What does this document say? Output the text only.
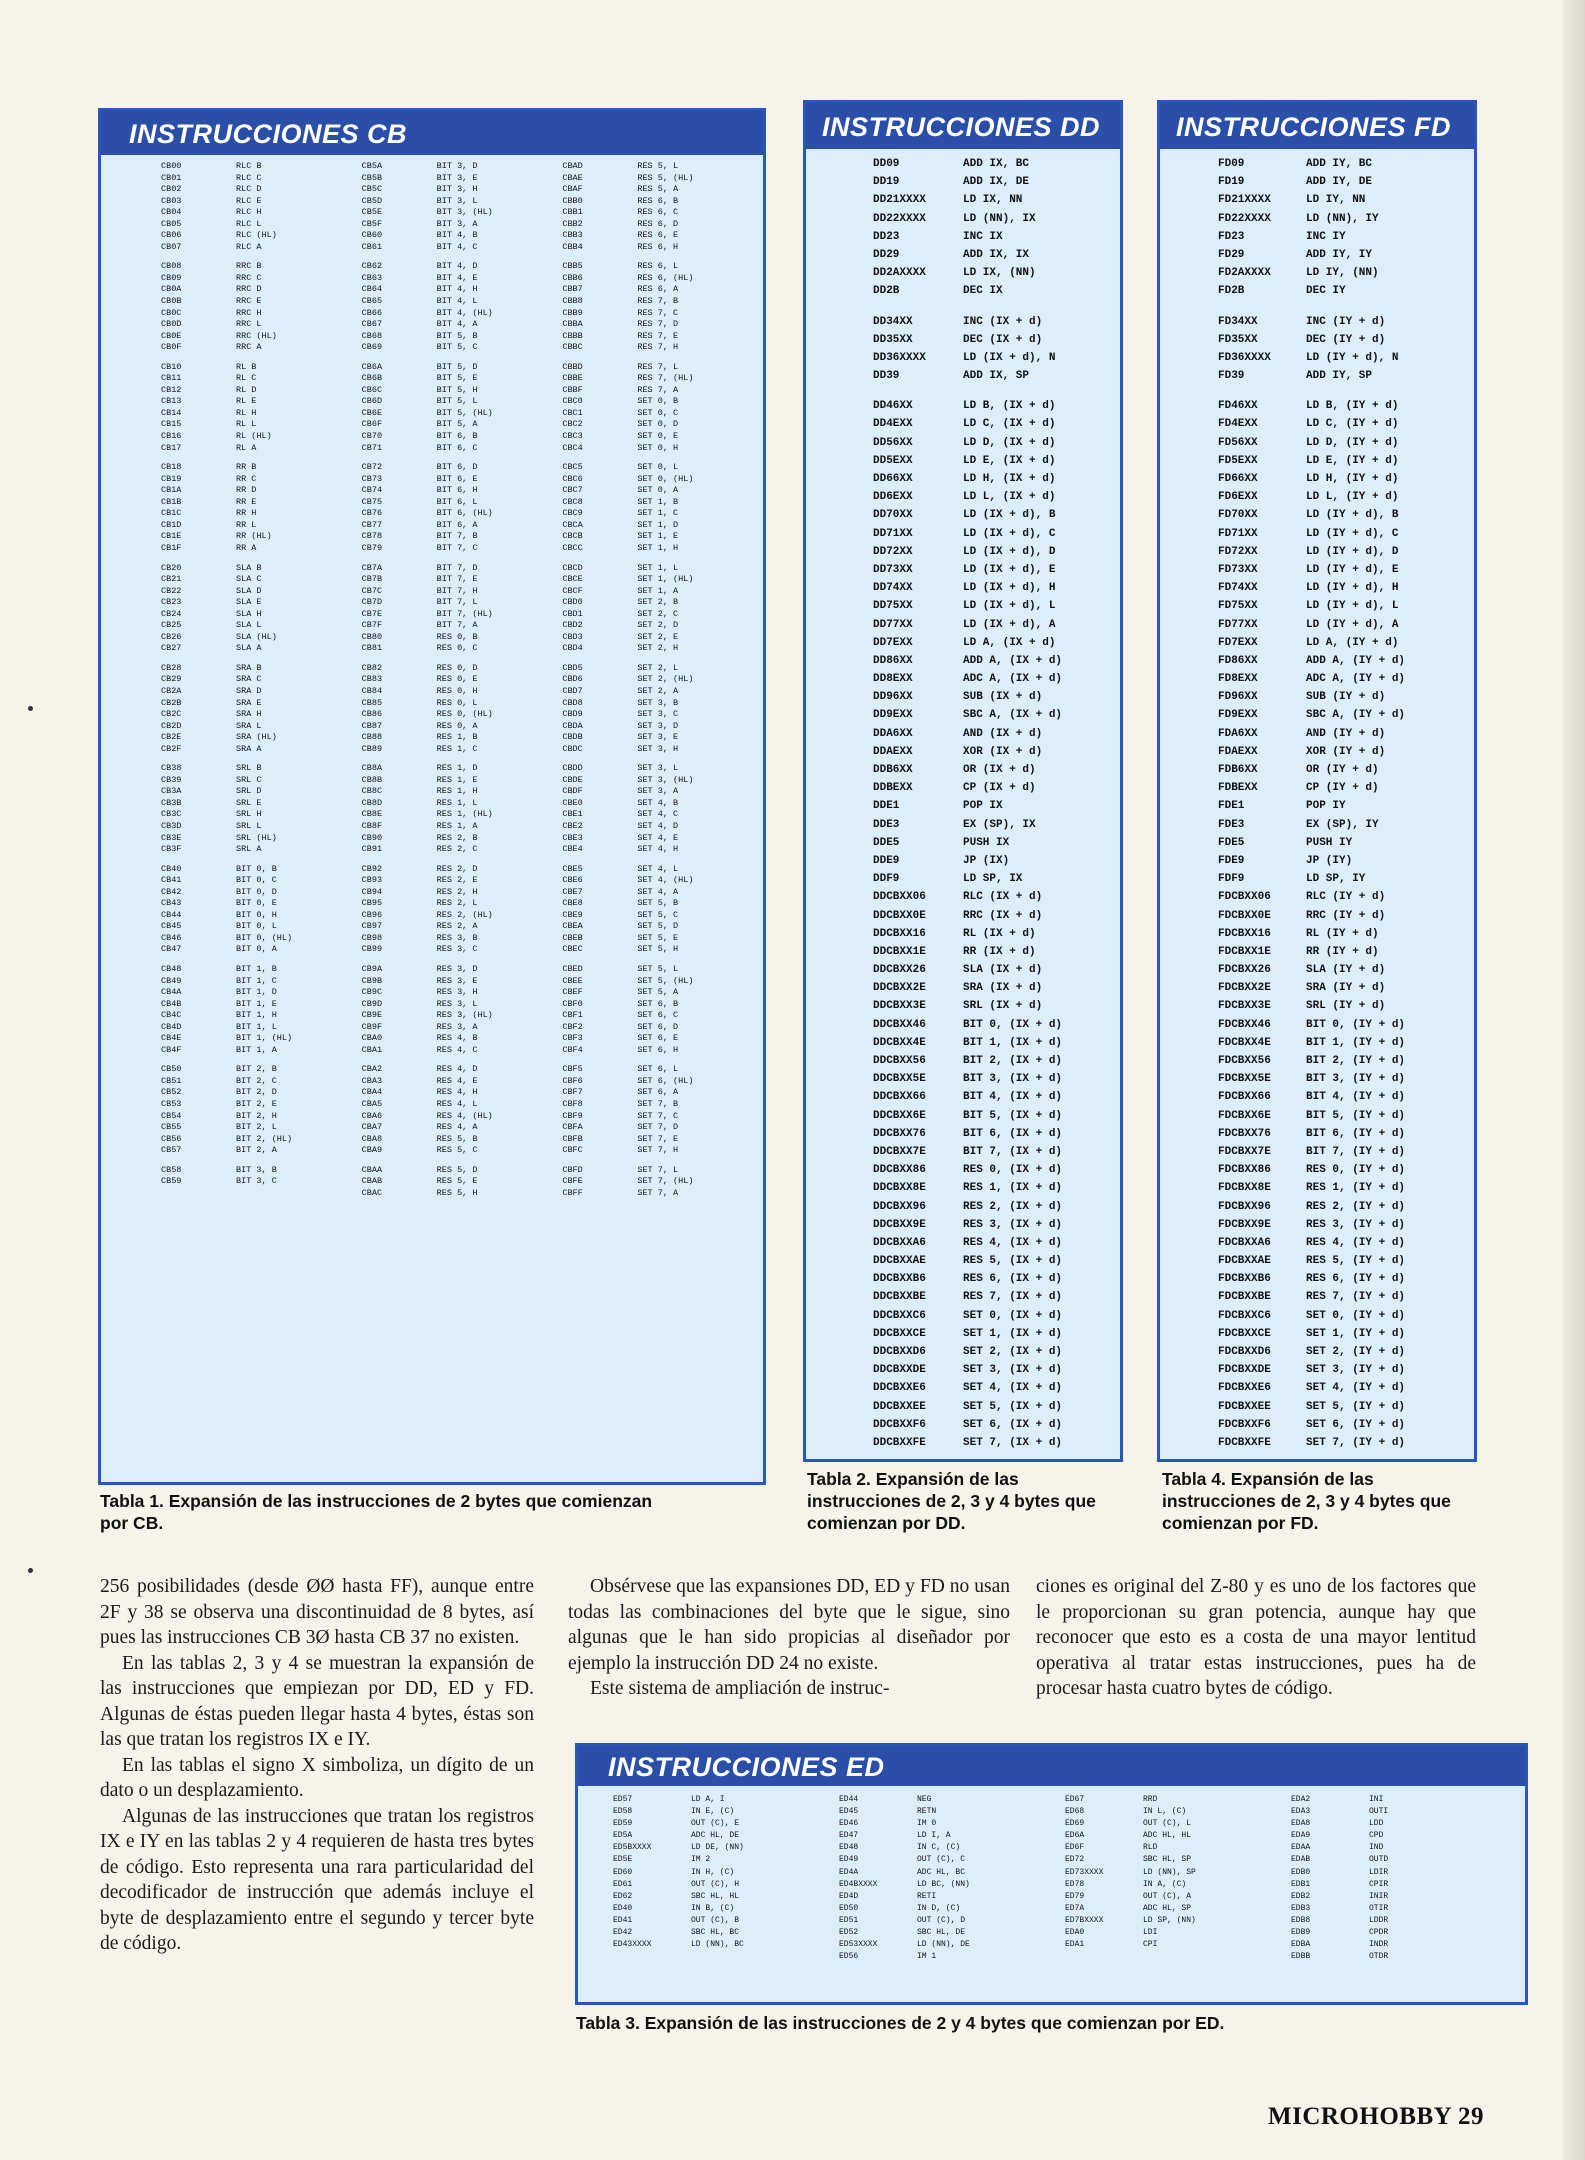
INSTRUCCIONES CB
CB00	RLC B
CB01	RLC C
CB02	RLC D
CB03	RLC E
CB04	RLC H
CB05	RLC L
CB06	RLC (HL)
CB07	RLC A
CB08	RRC B
CB09	RRC C
CB0A	RRC D
CB0B	RRC E
CB0C	RRC H
CB0D	RRC L
CB0E	RRC (HL)
CB0F	RRC A
CB10	RL B
CB11	RL C
CB12	RL D
CB13	RL E
CB14	RL H
CB15	RL L
CB16	RL (HL)
CB17	RL A
CB18	RR B
CB19	RR C
CB1A	RR D
CB1B	RR E
CB1C	RR H
CB1D	RR L
CB1E	RR (HL)
CB1F	RR A
CB20	SLA B
CB21	SLA C
CB22	SLA D
CB23	SLA E
CB24	SLA H
CB25	SLA L
CB26	SLA (HL)
CB27	SLA A
CB28	SRA B
CB29	SRA C
CB2A	SRA D
CB2B	SRA E
CB2C	SRA H
CB2D	SRA L
CB2E	SRA (HL)
CB2F	SRA A
CB38	SRL B
CB39	SRL C
CB3A	SRL D
CB3B	SRL E
CB3C	SRL H
CB3D	SRL L
CB3E	SRL (HL)
CB3F	SRL A
CB40	BIT 0, B
CB41	BIT 0, C
CB42	BIT 0, D
CB43	BIT 0, E
CB44	BIT 0, H
CB45	BIT 0, L
CB46	BIT 0, (HL)
CB47	BIT 0, A
CB48	BIT 1, B
CB49	BIT 1, C
CB4A	BIT 1, D
CB4B	BIT 1, E
CB4C	BIT 1, H
CB4D	BIT 1, L
CB4E	BIT 1, (HL)
CB4F	BIT 1, A
CB50	BIT 2, B
CB51	BIT 2, C
CB52	BIT 2, D
CB53	BIT 2, E
CB54	BIT 2, H
CB55	BIT 2, L
CB56	BIT 2, (HL)
CB57	BIT 2, A
CB58	BIT 3, B
CB59	BIT 3, C
CB5A	BIT 3, D
CB5B	BIT 3, E
CB5C	BIT 3, H
CB5D	BIT 3, L
CB5E	BIT 3, (HL)
CB5F	BIT 3, A
CB60	BIT 4, B
CB61	BIT 4, C
CB62	BIT 4, D
CB63	BIT 4, E
CB64	BIT 4, H
CB65	BIT 4, L
CB66	BIT 4, (HL)
CB67	BIT 4, A
CB68	BIT 5, B
CB69	BIT 5, C
CB6A	BIT 5, D
CB6B	BIT 5, E
CB6C	BIT 5, H
CB6D	BIT 5, L
CB6E	BIT 5, (HL)
CB6F	BIT 5, A
CB70	BIT 6, B
CB71	BIT 6, C
CB72	BIT 6, D
CB73	BIT 6, E
CB74	BIT 6, H
CB75	BIT 6, L
CB76	BIT 6, (HL)
CB77	BIT 6, A
CB78	BIT 7, B
CB79	BIT 7, C
CB7A	BIT 7, D
CB7B	BIT 7, E
CB7C	BIT 7, H
CB7D	BIT 7, L
CB7E	BIT 7, (HL)
CB7F	BIT 7, A
CB80	RES 0, B
CB81	RES 0, C
CB82	RES 0, D
CB83	RES 0, E
CB84	RES 0, H
CB85	RES 0, L
CB86	RES 0, (HL)
CB87	RES 0, A
CB88	RES 1, B
CB89	RES 1, C
CB8A	RES 1, D
CB8B	RES 1, E
CB8C	RES 1, H
CB8D	RES 1, L
CB8E	RES 1, (HL)
CB8F	RES 1, A
CB90	RES 2, B
CB91	RES 2, C
CB92	RES 2, D
CB93	RES 2, E
CB94	RES 2, H
CB95	RES 2, L
CB96	RES 2, (HL)
CB97	RES 2, A
CB98	RES 3, B
CB99	RES 3, C
CB9A	RES 3, D
CB9B	RES 3, E
CB9C	RES 3, H
CB9D	RES 3, L
CB9E	RES 3, (HL)
CB9F	RES 3, A
CBA0	RES 4, B
CBA1	RES 4, C
CBA2	RES 4, D
CBA3	RES 4, E
CBA4	RES 4, H
CBA5	RES 4, L
CBA6	RES 4, (HL)
CBA7	RES 4, A
CBA8	RES 5, B
CBA9	RES 5, C
CBAA	RES 5, D
CBAB	RES 5, E
CBAC	RES 5, H
CBAD	RES 5, L
CBAE	RES 5, (HL)
CBAF	RES 5, A
CBB0	RES 6, B
CBB1	RES 6, C
CBB2	RES 6, D
CBB3	RES 6, E
CBB4	RES 6, H
CBB5	RES 6, L
CBB6	RES 6, (HL)
CBB7	RES 6, A
CBB8	RES 7, B
CBB9	RES 7, C
CBBA	RES 7, D
CBBB	RES 7, E
CBBC	RES 7, H
CBBD	RES 7, L
CBBE	RES 7, (HL)
CBBF	RES 7, A
CBC0	SET 0, B
CBC1	SET 0, C
CBC2	SET 0, D
CBC3	SET 0, E
CBC4	SET 0, H
CBC5	SET 0, L
CBC6	SET 0, (HL)
CBC7	SET 0, A
CBC8	SET 1, B
CBC9	SET 1, C
CBCA	SET 1, D
CBCB	SET 1, E
CBCC	SET 1, H
CBCD	SET 1, L
CBCE	SET 1, (HL)
CBCF	SET 1, A
CBD0	SET 2, B
CBD1	SET 2, C
CBD2	SET 2, D
CBD3	SET 2, E
CBD4	SET 2, H
CBD5	SET 2, L
CBD6	SET 2, (HL)
CBD7	SET 2, A
CBD8	SET 3, B
CBD9	SET 3, C
CBDA	SET 3, D
CBDB	SET 3, E
CBDC	SET 3, H
CBDD	SET 3, L
CBDE	SET 3, (HL)
CBDF	SET 3, A
CBE0	SET 4, B
CBE1	SET 4, C
CBE2	SET 4, D
CBE3	SET 4, E
CBE4	SET 4, H
CBE5	SET 4, L
CBE6	SET 4, (HL)
CBE7	SET 4, A
CBE8	SET 5, B
CBE9	SET 5, C
CBEA	SET 5, D
CBEB	SET 5, E
CBEC	SET 5, H
CBED	SET 5, L
CBEE	SET 5, (HL)
CBEF	SET 5, A
CBF0	SET 6, B
CBF1	SET 6, C
CBF2	SET 6, D
CBF3	SET 6, E
CBF4	SET 6, H
CBF5	SET 6, L
CBF6	SET 6, (HL)
CBF7	SET 6, A
CBF8	SET 7, B
CBF9	SET 7, C
CBFA	SET 7, D
CBFB	SET 7, E
CBFC	SET 7, H
CBFD	SET 7, L
CBFE	SET 7, (HL)
CBFF	SET 7, A
Tabla 1. Expansión de las instrucciones de 2 bytes que comienzan por CB.
INSTRUCCIONES DD
DD09	ADD IX, BC
DD19	ADD IX, DE
DD21XXXX	LD IX, NN
DD22XXXX	LD (NN), IX
DD23	INC IX
DD29	ADD IX, IX
DD2AXXXX	LD IX, (NN)
DD2B	DEC IX
DD34XX	INC (IX + d)
DD35XX	DEC (IX + d)
DD36XXXX	LD (IX + d), N
DD39	ADD IX, SP
DD46XX	LD B, (IX + d)
DD4EXX	LD C, (IX + d)
DD56XX	LD D, (IX + d)
DD5EXX	LD E, (IX + d)
DD66XX	LD H, (IX + d)
DD6EXX	LD L, (IX + d)
DD70XX	LD (IX + d), B
DD71XX	LD (IX + d), C
DD72XX	LD (IX + d), D
DD73XX	LD (IX + d), E
DD74XX	LD (IX + d), H
DD75XX	LD (IX + d), L
DD77XX	LD (IX + d), A
DD7EXX	LD A, (IX + d)
DD86XX	ADD A, (IX + d)
DD8EXX	ADC A, (IX + d)
DD96XX	SUB (IX + d)
DD9EXX	SBC A, (IX + d)
DDA6XX	AND (IX + d)
DDAEXX	XOR (IX + d)
DDB6XX	OR (IX + d)
DDBEXX	CP (IX + d)
DDE1	POP IX
DDE3	EX (SP), IX
DDE5	PUSH IX
DDE9	JP (IX)
DDF9	LD SP, IX
DDCBXX06	RLC (IX + d)
DDCBXX0E	RRC (IX + d)
DDCBXX16	RL (IX + d)
DDCBXX1E	RR (IX + d)
DDCBXX26	SLA (IX + d)
DDCBXX2E	SRA (IX + d)
DDCBXX3E	SRL (IX + d)
DDCBXX46	BIT 0, (IX + d)
DDCBXX4E	BIT 1, (IX + d)
DDCBXX56	BIT 2, (IX + d)
DDCBXX5E	BIT 3, (IX + d)
DDCBXX66	BIT 4, (IX + d)
DDCBXX6E	BIT 5, (IX + d)
DDCBXX76	BIT 6, (IX + d)
DDCBXX7E	BIT 7, (IX + d)
DDCBXX86	RES 0, (IX + d)
DDCBXX8E	RES 1, (IX + d)
DDCBXX96	RES 2, (IX + d)
DDCBXX9E	RES 3, (IX + d)
DDCBXXA6	RES 4, (IX + d)
DDCBXXAE	RES 5, (IX + d)
DDCBXXB6	RES 6, (IX + d)
DDCBXXBE	RES 7, (IX + d)
DDCBXXC6	SET 0, (IX + d)
DDCBXXCE	SET 1, (IX + d)
DDCBXXD6	SET 2, (IX + d)
DDCBXXDE	SET 3, (IX + d)
DDCBXXE6	SET 4, (IX + d)
DDCBXXEE	SET 5, (IX + d)
DDCBXXF6	SET 6, (IX + d)
DDCBXXFE	SET 7, (IX + d)
Tabla 2. Expansión de las instrucciones de 2, 3 y 4 bytes que comienzan por DD.
INSTRUCCIONES FD
FD09	ADD IY, BC
FD19	ADD IY, DE
FD21XXXX	LD IY, NN
FD22XXXX	LD (NN), IY
FD23	INC IY
FD29	ADD IY, IY
FD2AXXXX	LD IY, (NN)
FD2B	DEC IY
FD34XX	INC (IY + d)
FD35XX	DEC (IY + d)
FD36XXXX	LD (IY + d), N
FD39	ADD IY, SP
FD46XX	LD B, (IY + d)
FD4EXX	LD C, (IY + d)
FD56XX	LD D, (IY + d)
FD5EXX	LD E, (IY + d)
FD66XX	LD H, (IY + d)
FD6EXX	LD L, (IY + d)
FD70XX	LD (IY + d), B
FD71XX	LD (IY + d), C
FD72XX	LD (IY + d), D
FD73XX	LD (IY + d), E
FD74XX	LD (IY + d), H
FD75XX	LD (IY + d), L
FD77XX	LD (IY + d), A
FD7EXX	LD A, (IY + d)
FD86XX	ADD A, (IY + d)
FD8EXX	ADC A, (IY + d)
FD96XX	SUB (IY + d)
FD9EXX	SBC A, (IY + d)
FDA6XX	AND (IY + d)
FDAEXX	XOR (IY + d)
FDB6XX	OR (IY + d)
FDBEXX	CP (IY + d)
FDE1	POP IY
FDE3	EX (SP), IY
FDE5	PUSH IY
FDE9	JP (IY)
FDF9	LD SP, IY
FDCBXX06	RLC (IY + d)
FDCBXX0E	RRC (IY + d)
FDCBXX16	RL (IY + d)
FDCBXX1E	RR (IY + d)
FDCBXX26	SLA (IY + d)
FDCBXX2E	SRA (IY + d)
FDCBXX3E	SRL (IY + d)
FDCBXX46	BIT 0, (IY + d)
FDCBXX4E	BIT 1, (IY + d)
FDCBXX56	BIT 2, (IY + d)
FDCBXX5E	BIT 3, (IY + d)
FDCBXX66	BIT 4, (IY + d)
FDCBXX6E	BIT 5, (IY + d)
FDCBXX76	BIT 6, (IY + d)
FDCBXX7E	BIT 7, (IY + d)
FDCBXX86	RES 0, (IY + d)
FDCBXX8E	RES 1, (IY + d)
FDCBXX96	RES 2, (IY + d)
FDCBXX9E	RES 3, (IY + d)
FDCBXXA6	RES 4, (IY + d)
FDCBXXAE	RES 5, (IY + d)
FDCBXXB6	RES 6, (IY + d)
FDCBXXBE	RES 7, (IY + d)
FDCBXXC6	SET 0, (IY + d)
FDCBXXCE	SET 1, (IY + d)
FDCBXXD6	SET 2, (IY + d)
FDCBXXDE	SET 3, (IY + d)
FDCBXXE6	SET 4, (IY + d)
FDCBXXEE	SET 5, (IY + d)
FDCBXXF6	SET 6, (IY + d)
FDCBXXFE	SET 7, (IY + d)
Tabla 4. Expansión de las instrucciones de 2, 3 y 4 bytes que comienzan por FD.

256 posibilidades (desde ØØ hasta FF), aunque entre 2F y 38 se observa una discontinuidad de 8 bytes, así pues las instrucciones CB 3Ø hasta CB 37 no existen.

En las tablas 2, 3 y 4 se muestran la expansión de las instrucciones que empiezan por DD, ED y FD. Algunas de éstas pueden llegar hasta 4 bytes, éstas son las que tratan los registros IX e IY.

En las tablas el signo X simboliza, un dígito de un dato o un desplazamiento.

Algunas de las instrucciones que tratan los registros IX e IY en las tablas 2 y 4 requieren de hasta tres bytes de código. Esto representa una rara particularidad del decodificador de instrucción que además incluye el byte de desplazamiento entre el segundo y tercer byte de código.

Obsérvese que las expansiones DD, ED y FD no usan todas las combinaciones del byte que le sigue, sino algunas que le han sido propicias al diseñador por ejemplo la instrucción DD 24 no existe.

Este sistema de ampliación de instruc-

ciones es original del Z-80 y es uno de los factores que le proporcionan su gran potencia, aunque hay que reconocer que esto es a costa de una mayor lentitud operativa al tratar estas instrucciones, pues ha de procesar hasta cuatro bytes de código.

INSTRUCCIONES ED
ED57	LD A, I
ED58	IN E, (C)
ED59	OUT (C), E
ED5A	ADC HL, DE
ED5BXXXX	LD DE, (NN)
ED5E	IM 2
ED60	IN H, (C)
ED61	OUT (C), H
ED62	SBC HL, HL
ED40	IN B, (C)
ED41	OUT (C), B
ED42	SBC HL, BC
ED43XXXX	LD (NN), BC
ED44	NEG
ED45	RETN
ED46	IM 0
ED47	LD I, A
ED48	IN C, (C)
ED49	OUT (C), C
ED4A	ADC HL, BC
ED4BXXXX	LD BC, (NN)
ED4D	RETI
ED50	IN D, (C)
ED51	OUT (C), D
ED52	SBC HL, DE
ED53XXXX	LD (NN), DE
ED56	IM 1
ED67	RRD
ED68	IN L, (C)
ED69	OUT (C), L
ED6A	ADC HL, HL
ED6F	RLD
ED72	SBC HL, SP
ED73XXXX	LD (NN), SP
ED78	IN A, (C)
ED79	OUT (C), A
ED7A	ADC HL, SP
ED7BXXXX	LD SP, (NN)
EDA0	LDI
EDA1	CPI
EDA2	INI
EDA3	OUTI
EDA8	LDD
EDA9	CPD
EDAA	IND
EDAB	OUTD
EDB0	LDIR
EDB1	CPIR
EDB2	INIR
EDB3	OTIR
EDB8	LDDR
EDB9	CPDR
EDBA	INDR
EDBB	OTDR
Tabla 3. Expansión de las instrucciones de 2 y 4 bytes que comienzan por ED.
MICROHOBBY 29
